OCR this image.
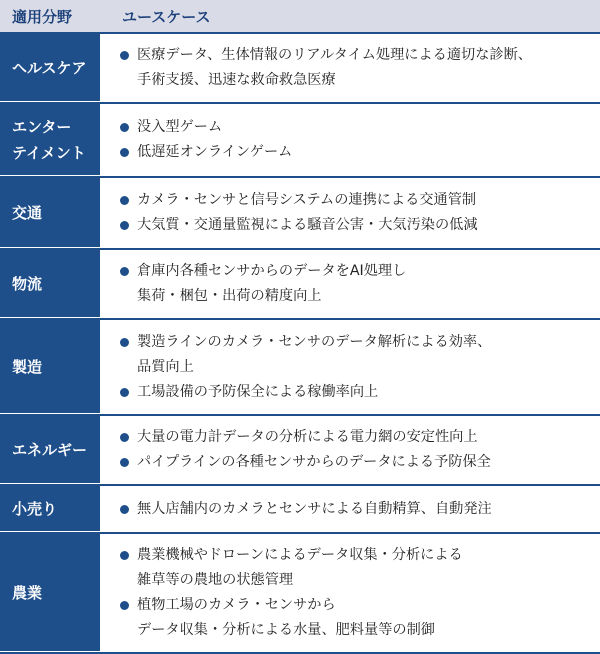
適用分野	ユースケース
ヘルスケア
医療データ、生体情報のリアルタイム処理による適切な診断、
手術支援、迅速な救命救急医療
エンター
テイメント
没入型ゲーム
低遅延オンラインゲーム
交通
カメラ・センサと信号システムの連携による交通管制
大気質・交通量監視による騒音公害・大気汚染の低減
物流
倉庫内各種センサからのデータをAI処理し
集荷・梱包・出荷の精度向上
製造
製造ラインのカメラ・センサのデータ解析による効率、
品質向上
工場設備の予防保全による稼働率向上
エネルギー
大量の電力計データの分析による電力網の安定性向上
パイプラインの各種センサからのデータによる予防保全
小売り	無人店舗内のカメラとセンサによる自動精算、自動発注
農業
農業機械やドローンによるデータ収集・分析による
雑草等の農地の状態管理
植物工場のカメラ・センサから
データ収集・分析による水量、肥料量等の制御
